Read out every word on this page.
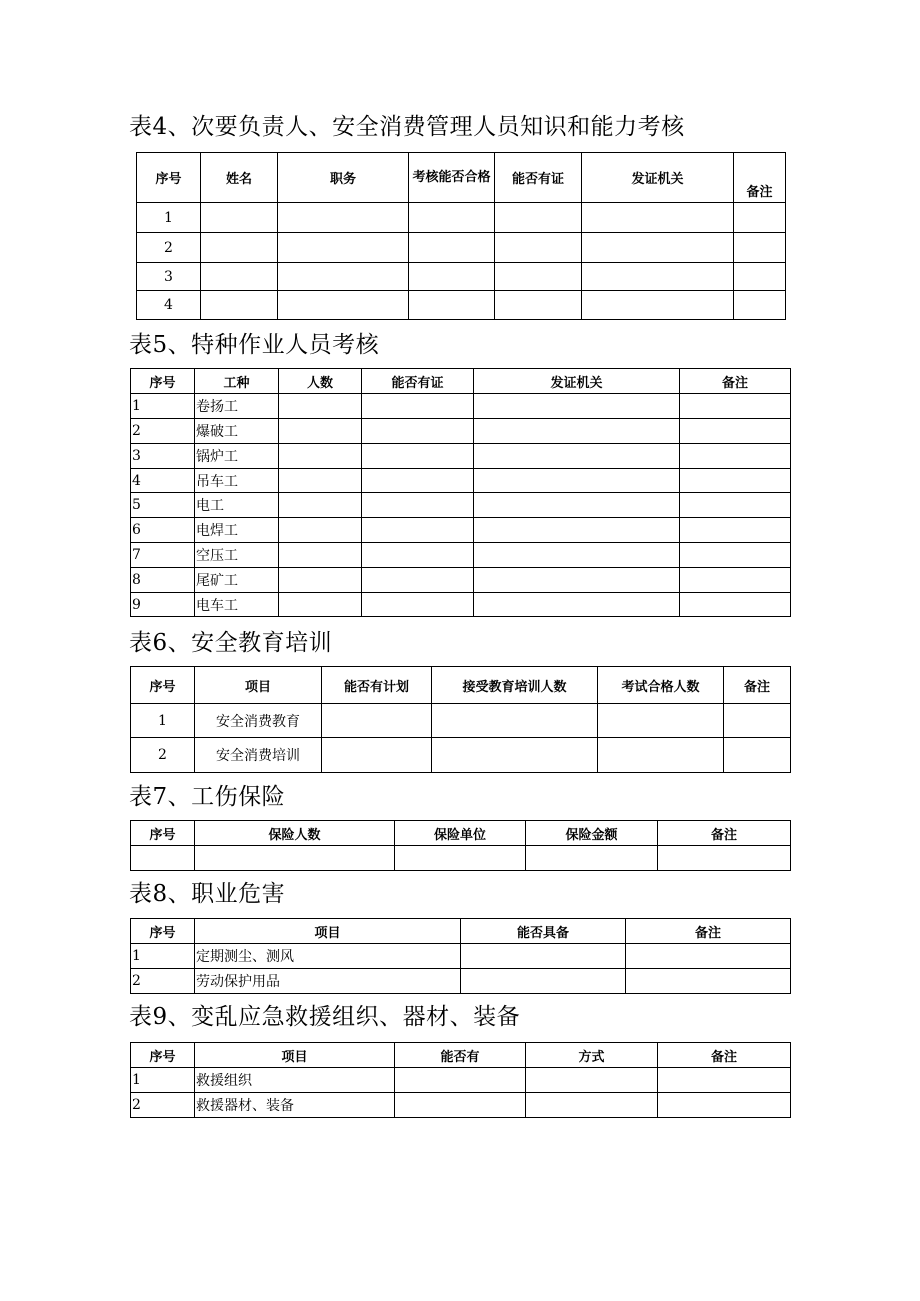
表4、次要负责人、安全消费管理人员知识和能力考核
序号	姓名	职务	考核能否合格	能否有证	发证机关	备注
1						
2						
3						
4						
表5、特种作业人员考核
序号	工种	人数	能否有证	发证机关	备注
1	卷扬工				
2	爆破工				
3	锅炉工				
4	吊车工				
5	电工				
6	电焊工				
7	空压工				
8	尾矿工				
9	电车工				
表6、安全教育培训
序号	项目	能否有计划	接受教育培训人数	考试合格人数	备注
1	安全消费教育				
2	安全消费培训				
表7、工伤保险
序号	保险人数	保险单位	保险金额	备注

表8、职业危害
序号	项目	能否具备	备注
1	定期测尘、测风		
2	劳动保护用品		
表9、变乱应急救援组织、器材、装备
序号	项目	能否有	方式	备注
1	救援组织			
2	救援器材、装备			
